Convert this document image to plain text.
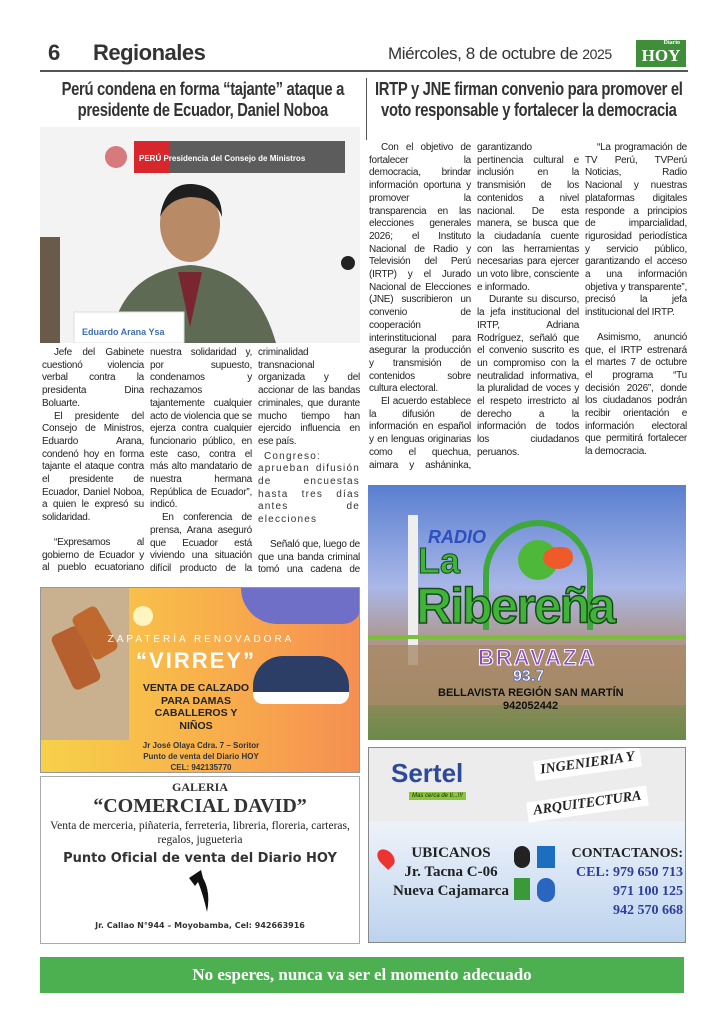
6 Regionales	Miércoles, 8 de octubre de 2025
Diario
HOY
Perú condena en forma “tajante” ataque a presidente de Ecuador, Daniel Noboa
IRTP y JNE firman convenio para promover el voto responsable y fortalecer la democracia
PERÚ Presidencia del Consejo de Ministros
Eduardo Arana Ysa

Jefe del Gabinete cuestionó violencia verbal contra la presidenta Dina Boluarte.

El presidente del Consejo de Ministros, Eduardo Arana, condenó hoy en forma tajante el ataque contra el presidente de Ecuador, Daniel Noboa, a quien le expresó su solidaridad.

“Expresamos al gobierno de Ecuador y al pueblo ecuatoriano nuestra solidaridad y, por supuesto, condenamos y rechazamos tajantemente cualquier acto de violencia que se ejerza contra cualquier funcionario público, en este caso, contra el más alto mandatario de nuestra hermana República de Ecuador”, indicó.

En conferencia de prensa, Arana aseguró que Ecuador está viviendo una situación difícil producto de la criminalidad transnacional organizada y del accionar de las bandas criminales, que durante mucho tiempo han ejercido influencia en ese país.

Congreso: aprueban difusión de encuestas hasta tres días antes de elecciones

Señaló que, luego de que una banda criminal tomó una cadena de

Con el objetivo de fortalecer la democracia, brindar información oportuna y promover la transparencia en las elecciones generales 2026; el Instituto Nacional de Radio y Televisión del Perú (IRTP) y el Jurado Nacional de Elecciones (JNE) suscribieron un convenio de cooperación interinstitucional para asegurar la producción y transmisión de contenidos sobre cultura electoral.

El acuerdo establece la difusión de información en español y en lenguas originarias como el quechua, aimara y asháninka, garantizando pertinencia cultural e inclusión en la transmisión de los contenidos a nivel nacional. De esta manera, se busca que la ciudadanía cuente con las herramientas necesarias para ejercer un voto libre, consciente e informado.

Durante su discurso, la jefa institucional del IRTP, Adriana Rodríguez, señaló que el convenio suscrito es un compromiso con la neutralidad informativa, la pluralidad de voces y el respeto irrestricto al derecho a la información de todos los ciudadanos peruanos.

“La programación de TV Perú, TVPerú Noticias, Radio Nacional y nuestras plataformas digitales responde a principios de imparcialidad, rigurosidad periodística y servicio público, garantizando el acceso a una información objetiva y transparente”, precisó la jefa institucional del IRTP.

Asimismo, anunció que, el IRTP estrenará el martes 7 de octubre el programa “Tu decisión 2026”, donde los ciudadanos podrán recibir orientación e información electoral que permitirá fortalecer la democracia.

ZAPATERÍA RENOVADORA
“VIRREY”
VENTA DE CALZADO
PARA DAMAS
CABALLEROS Y
NIÑOS
Jr José Olaya Cdra. 7 – Soritor
Punto de venta del Diario HOY
CEL: 942135770
GALERIA
“COMERCIAL DAVID”
Venta de merceria, piñateria, ferreteria, libreria, floreria, carteras, regalos, jugueteria
Punto Oficial de venta del Diario HOY
Jr. Callao N°944 – Moyobamba, Cel: 942663916
RADIO
La
Ribereña
BRAVAZA
93.7
BELLAVISTA REGIÓN SAN MARTÍN
942052442
Sertel
Mas cerca de ti...!!!
INGENIERIA Y
ARQUITECTURA
UBICANOS
Jr. Tacna C-06
Nueva Cajamarca
CONTACTANOS:
CEL: 979 650 713
971 100 125
942 570 668
No esperes, nunca va ser el momento adecuado
